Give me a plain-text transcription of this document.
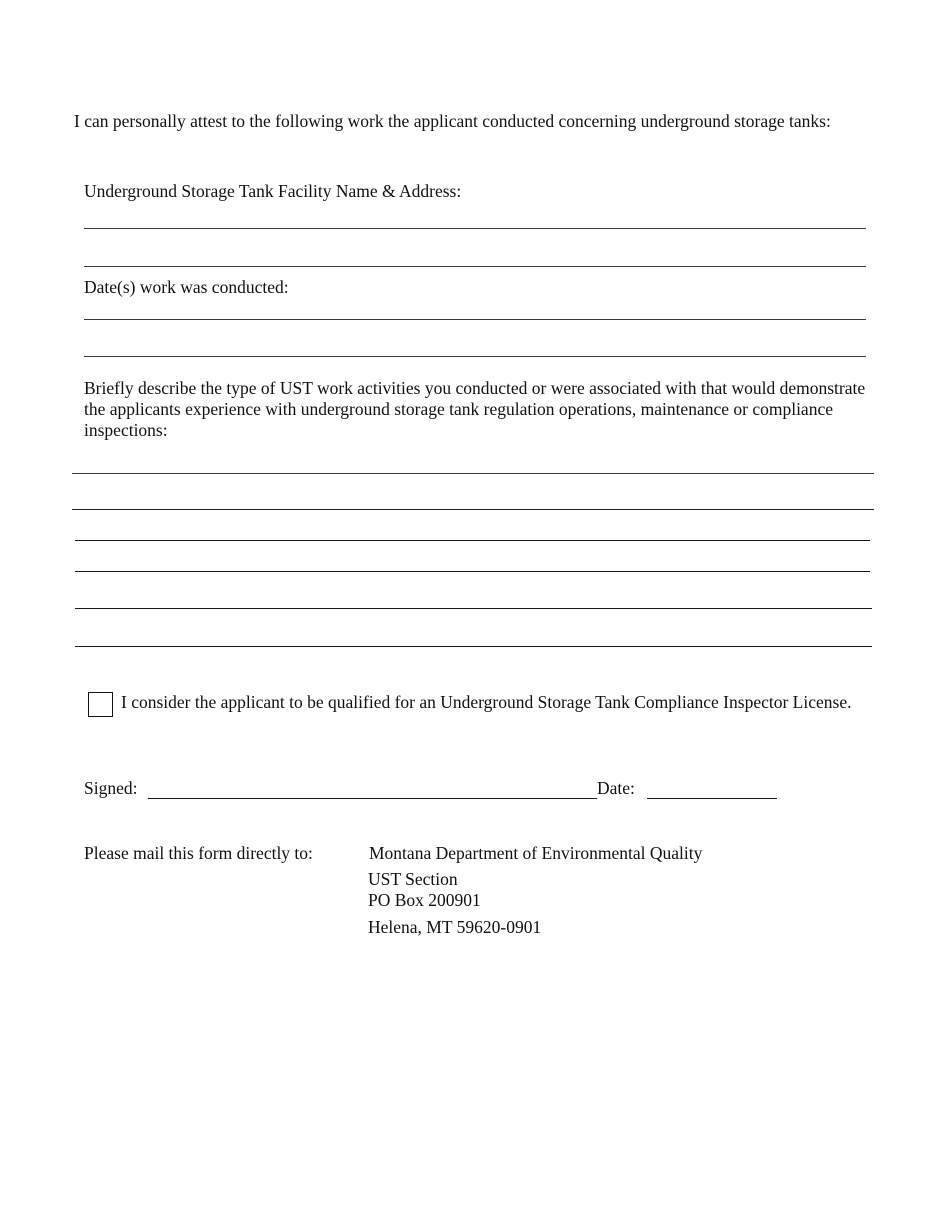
I can personally attest to the following work the applicant conducted concerning underground storage tanks:
Underground Storage Tank Facility Name & Address:
Date(s) work was conducted:
Briefly describe the type of UST work activities you conducted or were associated with that would demonstrate the applicants experience with underground storage tank regulation operations, maintenance or compliance inspections:
I consider the applicant to be qualified for an Underground Storage Tank Compliance Inspector License.
Signed:	Date:
Please mail this form directly to:	Montana Department of Environmental Quality
UST Section
PO Box 200901
Helena, MT 59620-0901
